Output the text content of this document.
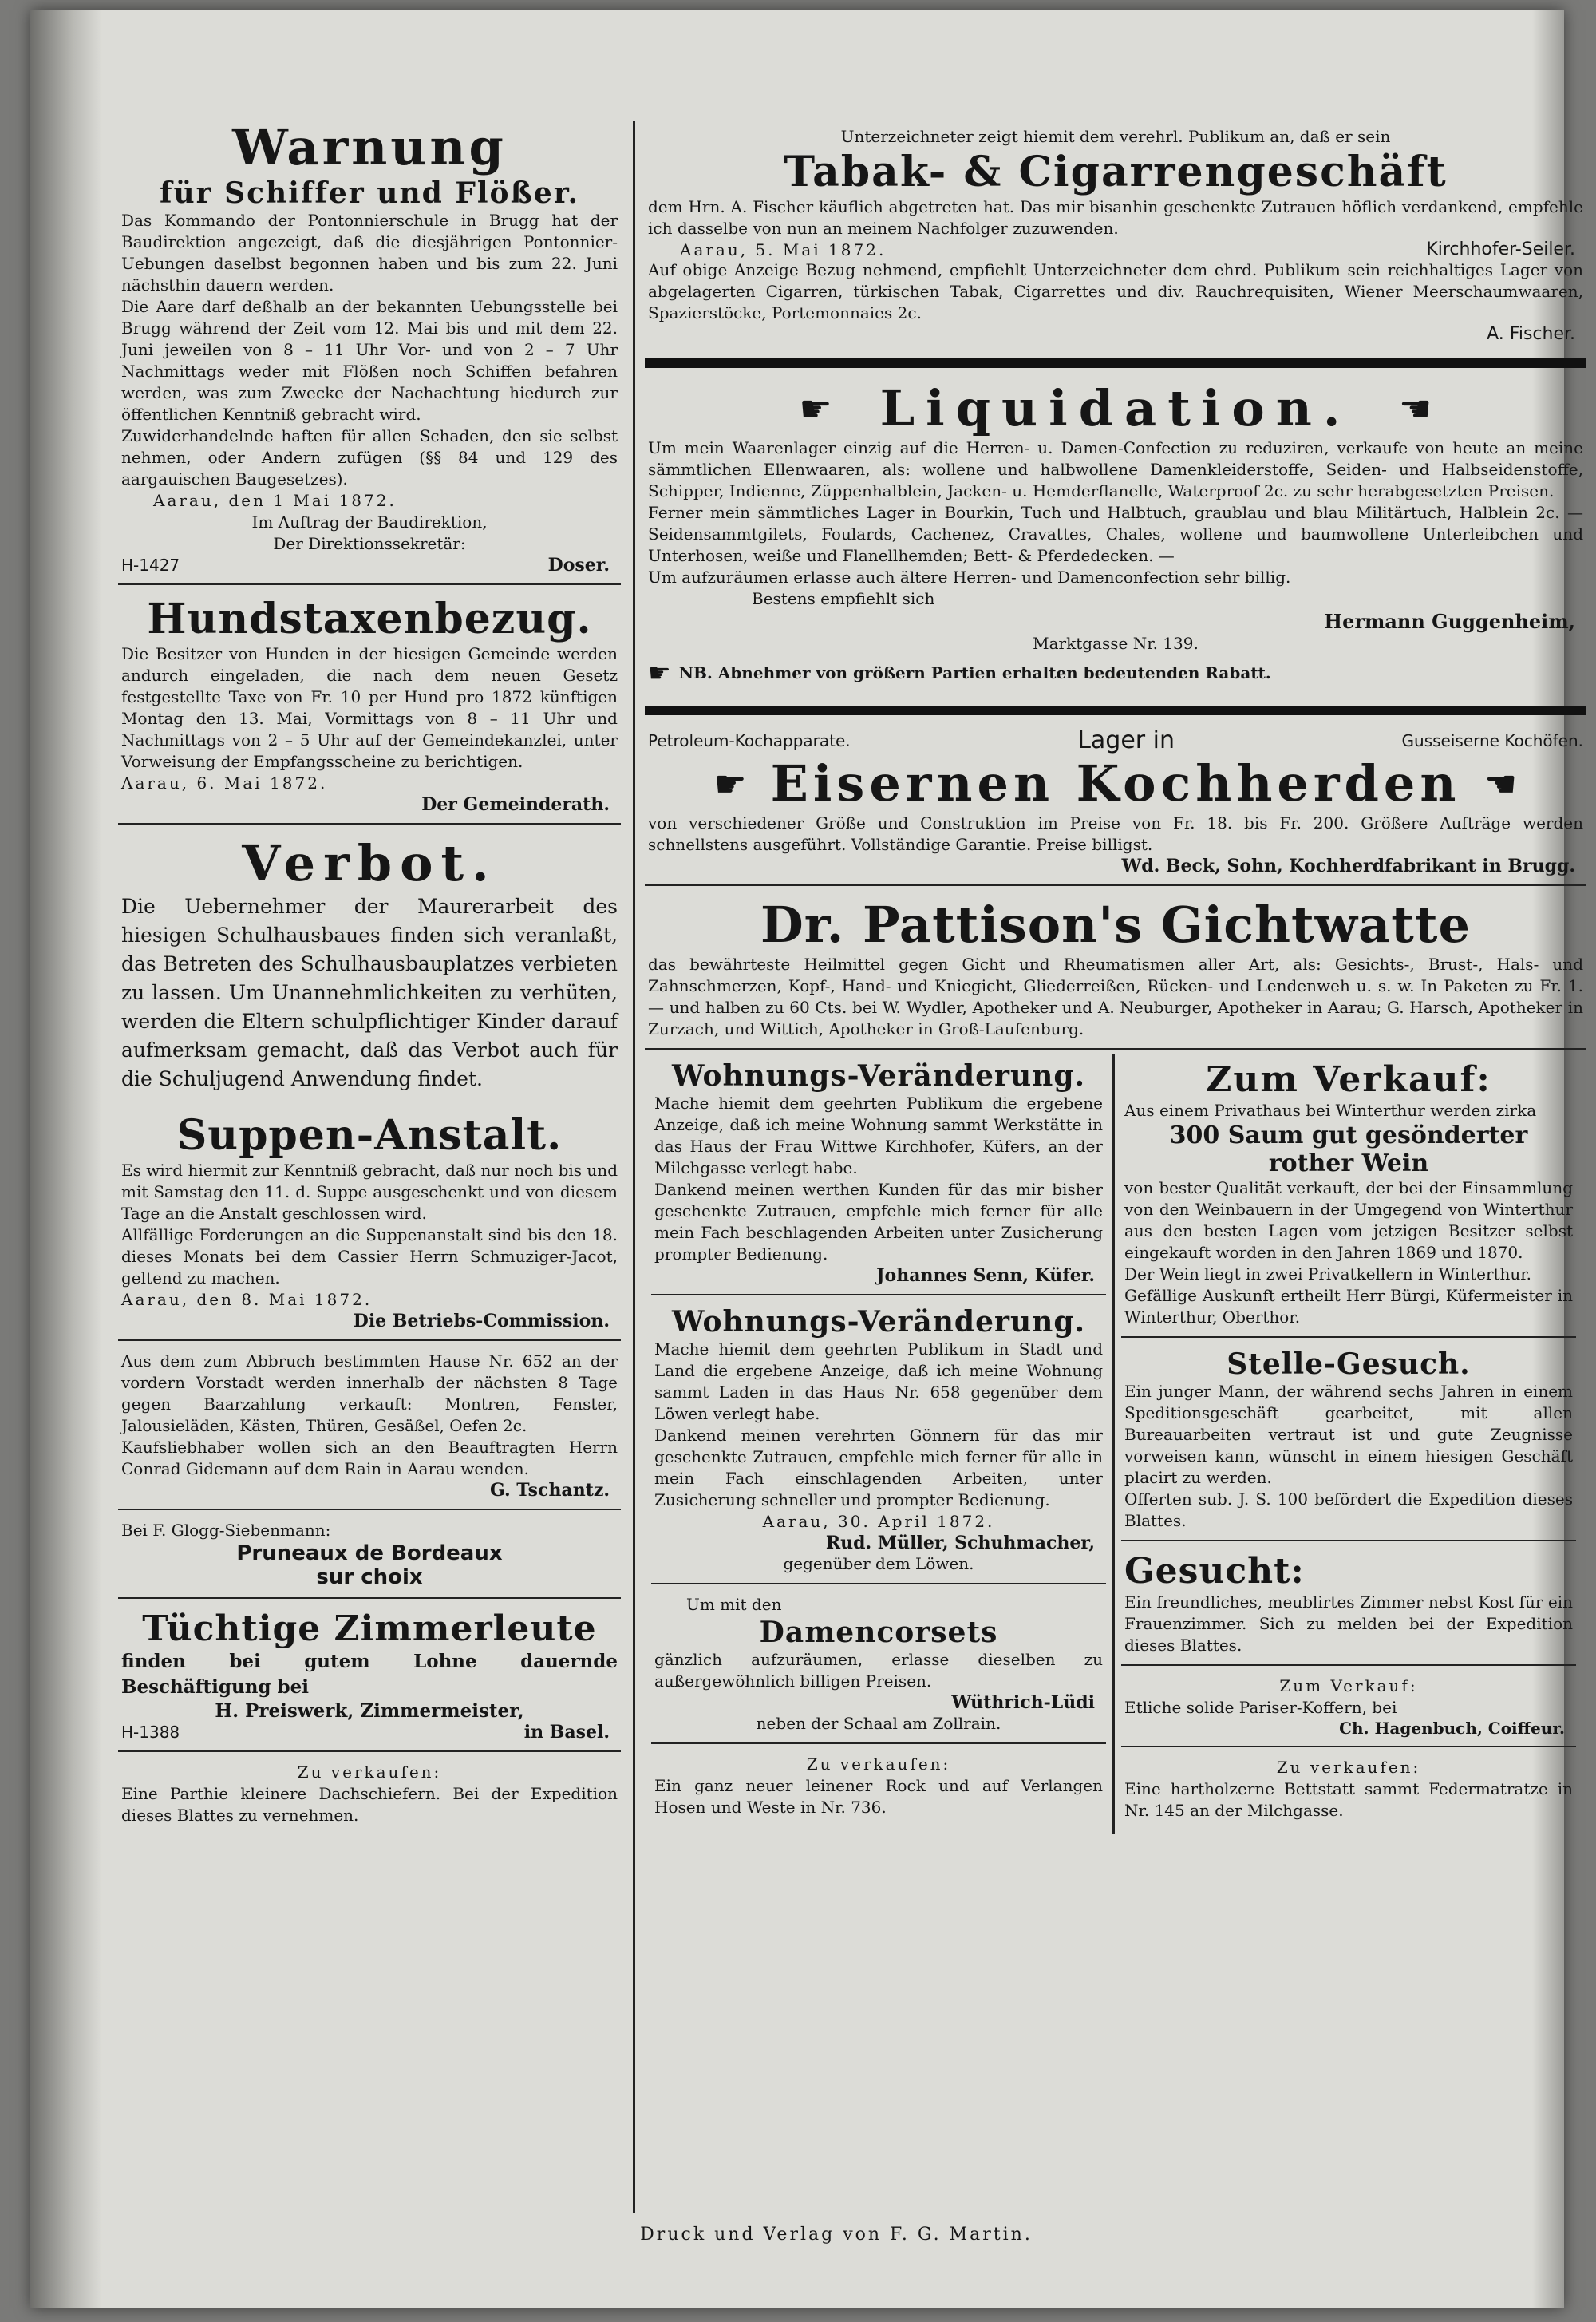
Warnung
für Schiffer und Flößer.

Das Kommando der Pontonnierschule in Brugg hat der Baudirektion angezeigt, daß die diesjährigen Pontonnier-Uebungen daselbst begonnen haben und bis zum 22. Juni nächsthin dauern werden.

Die Aare darf deßhalb an der bekannten Uebungsstelle bei Brugg während der Zeit vom 12. Mai bis und mit dem 22. Juni jeweilen von 8 – 11 Uhr Vor- und von 2 – 7 Uhr Nachmittags weder mit Flößen noch Schiffen befahren werden, was zum Zwecke der Nachachtung hiedurch zur öffentlichen Kenntniß gebracht wird.

Zuwiderhandelnde haften für allen Schaden, den sie selbst nehmen, oder Andern zufügen (§§ 84 und 129 des aargauischen Baugesetzes).

Aarau, den 1 Mai 1872.

Im Auftrag der Baudirektion,

Der Direktionssekretär:

H-1427	Doser.
Hundstaxenbezug.

Die Besitzer von Hunden in der hiesigen Gemeinde werden andurch eingeladen, die nach dem neuen Gesetz festgestellte Taxe von Fr. 10 per Hund pro 1872 künftigen Montag den 13. Mai, Vormittags von 8 – 11 Uhr und Nachmittags von 2 – 5 Uhr auf der Gemeindekanzlei, unter Vorweisung der Empfangsscheine zu berichtigen.

Aarau, 6. Mai 1872.

Der Gemeinderath.
Verbot.

Die Uebernehmer der Maurerarbeit des hiesigen Schulhausbaues finden sich veranlaßt, das Betreten des Schulhausbauplatzes verbieten zu lassen. Um Unannehmlichkeiten zu verhüten, werden die Eltern schulpflichtiger Kinder darauf aufmerksam gemacht, daß das Verbot auch für die Schuljugend Anwendung findet.

Suppen-Anstalt.

Es wird hiermit zur Kenntniß gebracht, daß nur noch bis und mit Samstag den 11. d. Suppe ausgeschenkt und von diesem Tage an die Anstalt geschlossen wird.

Allfällige Forderungen an die Suppenanstalt sind bis den 18. dieses Monats bei dem Cassier Herrn Schmuziger-Jacot, geltend zu machen.

Aarau, den 8. Mai 1872.

Die Betriebs-Commission.

Aus dem zum Abbruch bestimmten Hause Nr. 652 an der vordern Vorstadt werden innerhalb der nächsten 8 Tage gegen Baarzahlung verkauft: Montren, Fenster, Jalousieläden, Kästen, Thüren, Gesäßel, Oefen 2c.

Kaufsliebhaber wollen sich an den Beauftragten Herrn Conrad Gidemann auf dem Rain in Aarau wenden.

G. Tschantz.

Bei F. Glogg-Siebenmann:

Pruneaux de Bordeaux
sur choix
Tüchtige Zimmerleute

finden bei gutem Lohne dauernde Beschäftigung bei

H. Preiswerk, Zimmermeister,

H-1388	in Basel.

Zu verkaufen:

Eine Parthie kleinere Dachschiefern. Bei der Expedition dieses Blattes zu vernehmen.

Unterzeichneter zeigt hiemit dem verehrl. Publikum an, daß er sein

Tabak- & Cigarrengeschäft

dem Hrn. A. Fischer käuflich abgetreten hat. Das mir bisanhin geschenkte Zutrauen höflich verdankend, empfehle ich dasselbe von nun an meinem Nachfolger zuzuwenden.

Aarau, 5. Mai 1872.	Kirchhofer-Seiler.

Auf obige Anzeige Bezug nehmend, empfiehlt Unterzeichneter dem ehrd. Publikum sein reichhaltiges Lager von abgelagerten Cigarren, türkischen Tabak, Cigarrettes und div. Rauchrequisiten, Wiener Meerschaumwaaren, Spazierstöcke, Portemonnaies 2c.

A. Fischer.
☛ Liquidation. ☛

Um mein Waarenlager einzig auf die Herren- u. Damen-Confection zu reduziren, verkaufe von heute an meine sämmtlichen Ellenwaaren, als: wollene und halbwollene Damenkleiderstoffe, Seiden- und Halbseidenstoffe, Schipper, Indienne, Züppenhalblein, Jacken- u. Hemderflanelle, Waterproof 2c. zu sehr herabgesetzten Preisen.

Ferner mein sämmtliches Lager in Bourkin, Tuch und Halbtuch, graublau und blau Militärtuch, Halblein 2c. — Seidensammtgilets, Foulards, Cachenez, Cravattes, Chales, wollene und baumwollene Unterleibchen und Unterhosen, weiße und Flanellhemden; Bett- & Pferdedecken. —

Um aufzuräumen erlasse auch ältere Herren- und Damenconfection sehr billig.

Bestens empfiehlt sich

Hermann Guggenheim,

Marktgasse Nr. 139.

☛ NB. Abnehmer von größern Partien erhalten bedeutenden Rabatt.
Petroleum-Kochapparate.	Lager in	Gusseiserne Kochöfen.
☛ Eisernen Kochherden ☛

von verschiedener Größe und Construktion im Preise von Fr. 18. bis Fr. 200. Größere Aufträge werden schnellstens ausgeführt. Vollständige Garantie. Preise billigst.

Wd. Beck, Sohn, Kochherdfabrikant in Brugg.
Dr. Pattison's Gichtwatte

das bewährteste Heilmittel gegen Gicht und Rheumatismen aller Art, als: Gesichts-, Brust-, Hals- und Zahnschmerzen, Kopf-, Hand- und Kniegicht, Gliederreißen, Rücken- und Lendenweh u. s. w. In Paketen zu Fr. 1. — und halben zu 60 Cts. bei W. Wydler, Apotheker und A. Neuburger, Apotheker in Aarau; G. Harsch, Apotheker in Zurzach, und Wittich, Apotheker in Groß-Laufenburg.

Wohnungs-Veränderung.

Mache hiemit dem geehrten Publikum die ergebene Anzeige, daß ich meine Wohnung sammt Werkstätte in das Haus der Frau Wittwe Kirchhofer, Küfers, an der Milchgasse verlegt habe.

Dankend meinen werthen Kunden für das mir bisher geschenkte Zutrauen, empfehle mich ferner für alle mein Fach beschlagenden Arbeiten unter Zusicherung prompter Bedienung.

Johannes Senn, Küfer.
Wohnungs-Veränderung.

Mache hiemit dem geehrten Publikum in Stadt und Land die ergebene Anzeige, daß ich meine Wohnung sammt Laden in das Haus Nr. 658 gegenüber dem Löwen verlegt habe.

Dankend meinen verehrten Gönnern für das mir geschenkte Zutrauen, empfehle mich ferner für alle in mein Fach einschlagenden Arbeiten, unter Zusicherung schneller und prompter Bedienung.

Aarau, 30. April 1872.

Rud. Müller, Schuhmacher,

gegenüber dem Löwen.

Um mit den

Damencorsets

gänzlich aufzuräumen, erlasse dieselben zu außergewöhnlich billigen Preisen.

Wüthrich-Lüdi

neben der Schaal am Zollrain.

Zu verkaufen:

Ein ganz neuer leinener Rock und auf Verlangen Hosen und Weste in Nr. 736.

Zum Verkauf:

Aus einem Privathaus bei Winterthur werden zirka

300 Saum gut gesönderter
rother Wein

von bester Qualität verkauft, der bei der Einsammlung von den Weinbauern in der Umgegend von Winterthur aus den besten Lagen vom jetzigen Besitzer selbst eingekauft worden in den Jahren 1869 und 1870.

Der Wein liegt in zwei Privatkellern in Winterthur.

Gefällige Auskunft ertheilt Herr Bürgi, Küfermeister in Winterthur, Oberthor.

Stelle-Gesuch.

Ein junger Mann, der während sechs Jahren in einem Speditionsgeschäft gearbeitet, mit allen Bureauarbeiten vertraut ist und gute Zeugnisse vorweisen kann, wünscht in einem hiesigen Geschäft placirt zu werden.

Offerten sub. J. S. 100 befördert die Expedition dieses Blattes.

Gesucht:

Ein freundliches, meublirtes Zimmer nebst Kost für ein Frauenzimmer. Sich zu melden bei der Expedition dieses Blattes.

Zum Verkauf:

Etliche solide Pariser-Koffern, bei

Ch. Hagenbuch, Coiffeur.

Zu verkaufen:

Eine hartholzerne Bettstatt sammt Federmatratze in Nr. 145 an der Milchgasse.

Druck und Verlag von F. G. Martin.
